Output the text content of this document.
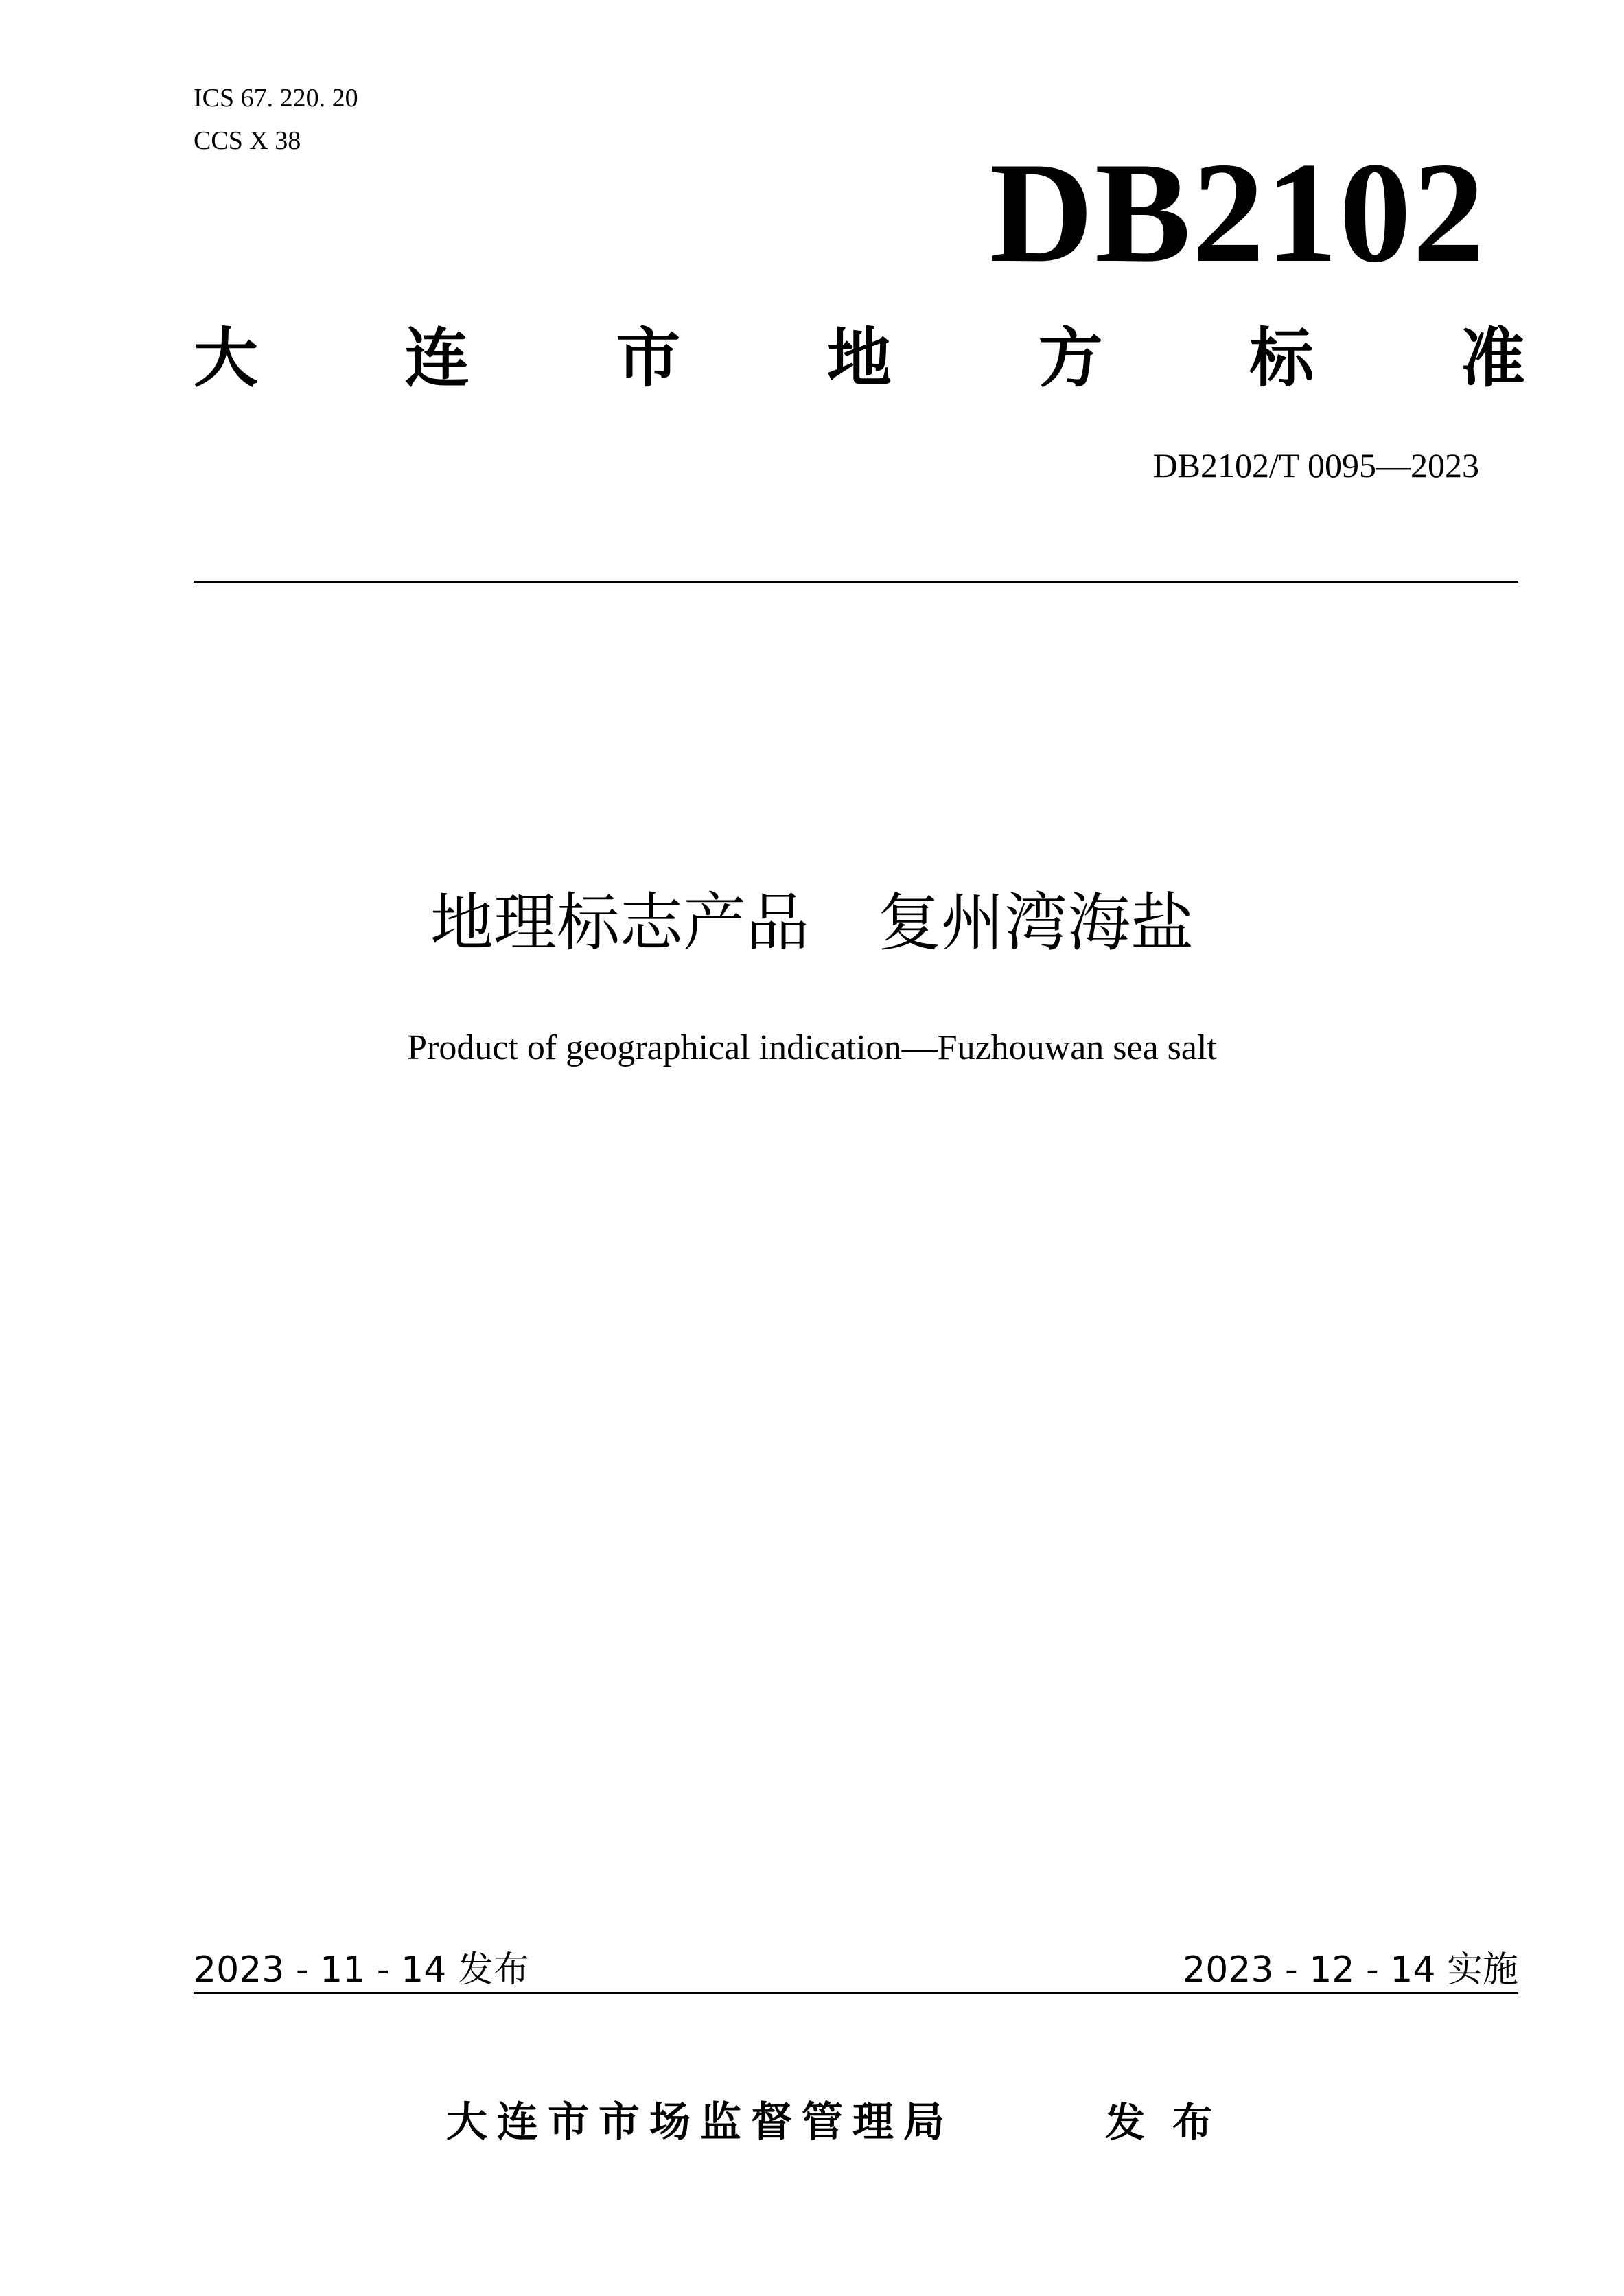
ICS 67. 220. 20
CCS X 38	DB2102
大 连 市 地 方 标 准
DB2102/T 0095—2023
地理标志产品 复州湾海盐
Product of geographical indication—Fuzhouwan sea salt
2023 - 11 - 14 发布	2023 - 12 - 14 实施
大连市市场监督管理局	发布
